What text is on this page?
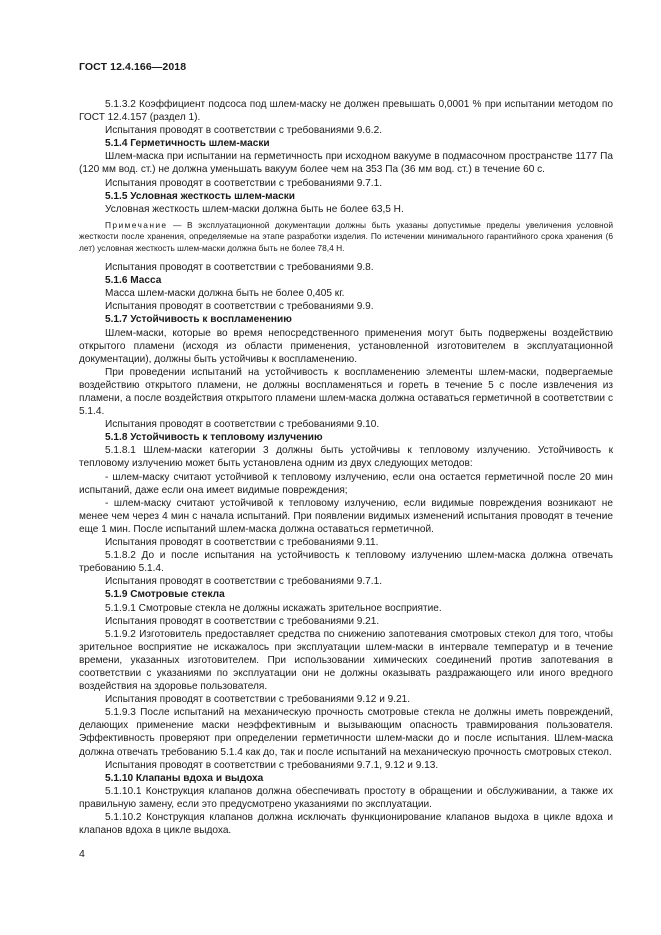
ГОСТ 12.4.166—2018

5.1.3.2 Коэффициент подсоса под шлем-маску не должен превышать 0,0001 % при испытании методом по ГОСТ 12.4.157 (раздел 1).

Испытания проводят в соответствии с требованиями 9.6.2.

5.1.4 Герметичность шлем-маски

Шлем-маска при испытании на герметичность при исходном вакууме в подмасочном пространстве 1177 Па (120 мм вод. ст.) не должна уменьшать вакуум более чем на 353 Па (36 мм вод. ст.) в течение 60 с.

Испытания проводят в соответствии с требованиями 9.7.1.

5.1.5 Условная жесткость шлем-маски

Условная жесткость шлем-маски должна быть не более 63,5 Н.

Примечание — В эксплуатационной документации должны быть указаны допустимые пределы увеличения условной жесткости после хранения, определяемые на этапе разработки изделия. По истечении минимального гарантийного срока хранения (6 лет) условная жесткость шлем-маски должна быть не более 78,4 Н.

Испытания проводят в соответствии с требованиями 9.8.

5.1.6 Масса

Масса шлем-маски должна быть не более 0,405 кг.

Испытания проводят в соответствии с требованиями 9.9.

5.1.7 Устойчивость к воспламенению

Шлем-маски, которые во время непосредственного применения могут быть подвержены воздействию открытого пламени (исходя из области применения, установленной изготовителем в эксплуатационной документации), должны быть устойчивы к воспламенению.

При проведении испытаний на устойчивость к воспламенению элементы шлем-маски, подвергаемые воздействию открытого пламени, не должны воспламеняться и гореть в течение 5 с после извлечения из пламени, а после воздействия открытого пламени шлем-маска должна оставаться герметичной в соответствии с 5.1.4.

Испытания проводят в соответствии с требованиями 9.10.

5.1.8 Устойчивость к тепловому излучению

5.1.8.1 Шлем-маски категории 3 должны быть устойчивы к тепловому излучению. Устойчивость к тепловому излучению может быть установлена одним из двух следующих методов:

- шлем-маску считают устойчивой к тепловому излучению, если она остается герметичной после 20 мин испытаний, даже если она имеет видимые повреждения;

- шлем-маску считают устойчивой к тепловому излучению, если видимые повреждения возникают не менее чем через 4 мин с начала испытаний. При появлении видимых изменений испытания проводят в течение еще 1 мин. После испытаний шлем-маска должна оставаться герметичной.

Испытания проводят в соответствии с требованиями 9.11.

5.1.8.2 До и после испытания на устойчивость к тепловому излучению шлем-маска должна отвечать требованию 5.1.4.

Испытания проводят в соответствии с требованиями 9.7.1.

5.1.9 Смотровые стекла

5.1.9.1 Смотровые стекла не должны искажать зрительное восприятие.

Испытания проводят в соответствии с требованиями 9.21.

5.1.9.2 Изготовитель предоставляет средства по снижению запотевания смотровых стекол для того, чтобы зрительное восприятие не искажалось при эксплуатации шлем-маски в интервале температур и в течение времени, указанных изготовителем. При использовании химических соединений против запотевания в соответствии с указаниями по эксплуатации они не должны оказывать раздражающего или иного вредного воздействия на здоровье пользователя.

Испытания проводят в соответствии с требованиями 9.12 и 9.21.

5.1.9.3 После испытаний на механическую прочность смотровые стекла не должны иметь повреждений, делающих применение маски неэффективным и вызывающим опасность травмирования пользователя. Эффективность проверяют при определении герметичности шлем-маски до и после испытания. Шлем-маска должна отвечать требованию 5.1.4 как до, так и после испытаний на механическую прочность смотровых стекол.

Испытания проводят в соответствии с требованиями 9.7.1, 9.12 и 9.13.

5.1.10 Клапаны вдоха и выдоха

5.1.10.1 Конструкция клапанов должна обеспечивать простоту в обращении и обслуживании, а также их правильную замену, если это предусмотрено указаниями по эксплуатации.

5.1.10.2 Конструкция клапанов должна исключать функционирование клапанов выдоха в цикле вдоха и клапанов вдоха в цикле выдоха.

4
